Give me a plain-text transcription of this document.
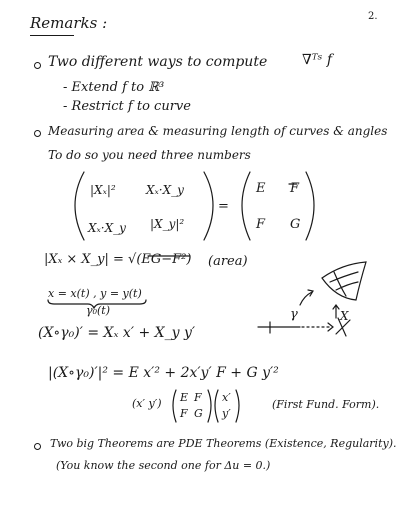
2.
Remarks :
Two different ways to compute ∇ᵀˢ f
- Extend f to ℝ³
- Restrict f to curve
Measuring area & measuring length of curves & angles
To do so you need three numbers
|Xₓ|²	Xₓ·X_y
Xₓ·X_y |X_y|²
=
E F
F G
|Xₓ × X_y| = √(EG−F²) (area)
x = x(t) , y = y(t)
γ₀(t)
(X∘γ₀)′ = Xₓ x′ + X_y y′
|(X∘γ₀)′|² = E x′² + 2x′y′ F + G y′²
(x′ y′) E F
F G
x′
y′
(First Fund. Form).
γ	X
Two big Theorems are PDE Theorems (Existence, Regularity).
(You know the second one for Δu = 0.)
